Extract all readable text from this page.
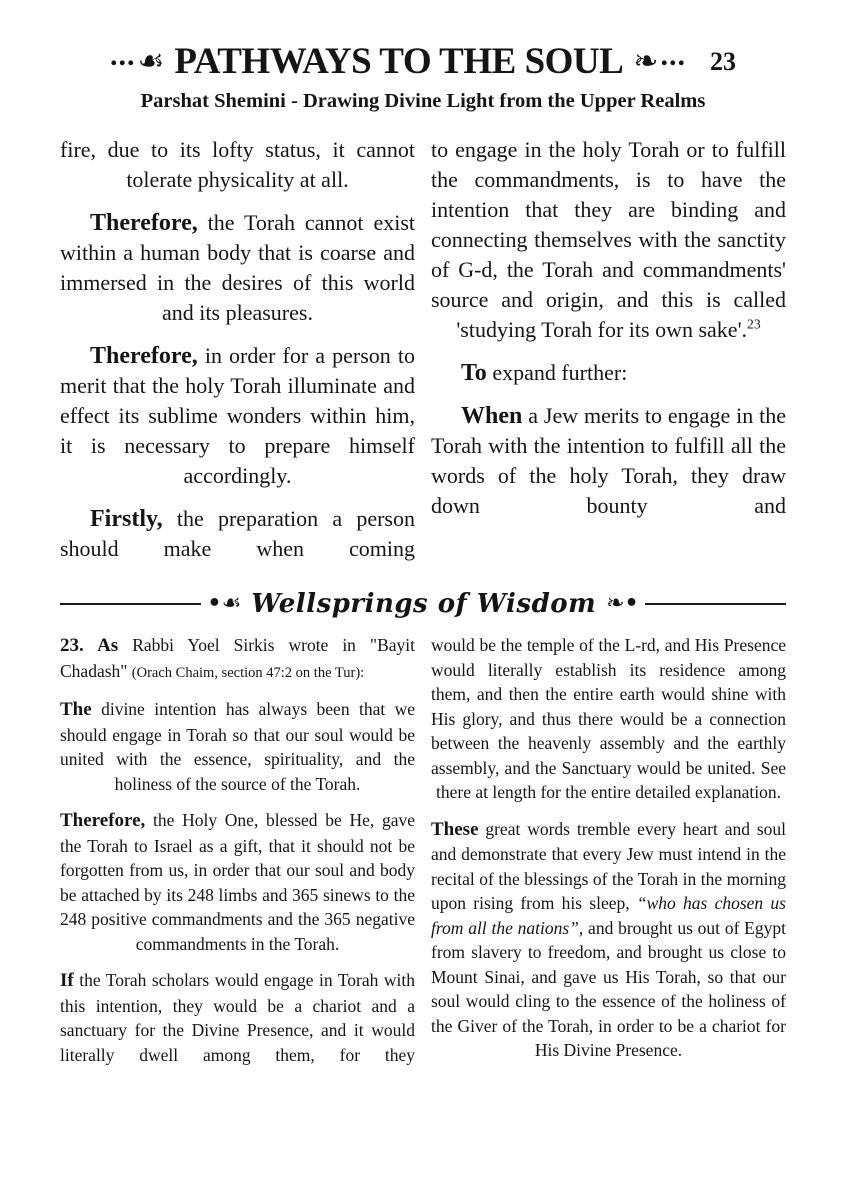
... ☙ PATHWAYS TO THE SOUL ❧ ... 23
Parshat Shemini - Drawing Divine Light from the Upper Realms

fire, due to its lofty status, it cannot tolerate physicality at all.

Therefore, the Torah cannot exist within a human body that is coarse and immersed in the desires of this world and its pleasures.

Therefore, in order for a person to merit that the holy Torah illuminate and effect its sublime wonders within him, it is necessary to prepare himself accordingly.

Firstly, the preparation a person should make when coming

to engage in the holy Torah or to fulfill the commandments, is to have the intention that they are binding and connecting themselves with the sanctity of G-d, the Torah and commandments' source and origin, and this is called 'studying Torah for its own sake'.$^{23}$

To expand further:

When a Jew merits to engage in the Torah with the intention to fulfill all the words of the holy Torah, they draw down bounty and

•☙ Wellsprings of Wisdom ❧•

23. As Rabbi Yoel Sirkis wrote in "Bayit Chadash" (Orach Chaim, section 47:2 on the Tur):

The divine intention has always been that we should engage in Torah so that our soul would be united with the essence, spirituality, and the holiness of the source of the Torah.

Therefore, the Holy One, blessed be He, gave the Torah to Israel as a gift, that it should not be forgotten from us, in order that our soul and body be attached by its 248 limbs and 365 sinews to the 248 positive commandments and the 365 negative commandments in the Torah.

If the Torah scholars would engage in Torah with this intention, they would be a chariot and a sanctuary for the Divine Presence, and it would literally dwell among them, for they

would be the temple of the L-rd, and His Presence would literally establish its residence among them, and then the entire earth would shine with His glory, and thus there would be a connection between the heavenly assembly and the earthly assembly, and the Sanctuary would be united. See there at length for the entire detailed explanation.

These great words tremble every heart and soul and demonstrate that every Jew must intend in the recital of the blessings of the Torah in the morning upon rising from his sleep, “who has chosen us from all the nations”, and brought us out of Egypt from slavery to freedom, and brought us close to Mount Sinai, and gave us His Torah, so that our soul would cling to the essence of the holiness of the Giver of the Torah, in order to be a chariot for His Divine Presence.
